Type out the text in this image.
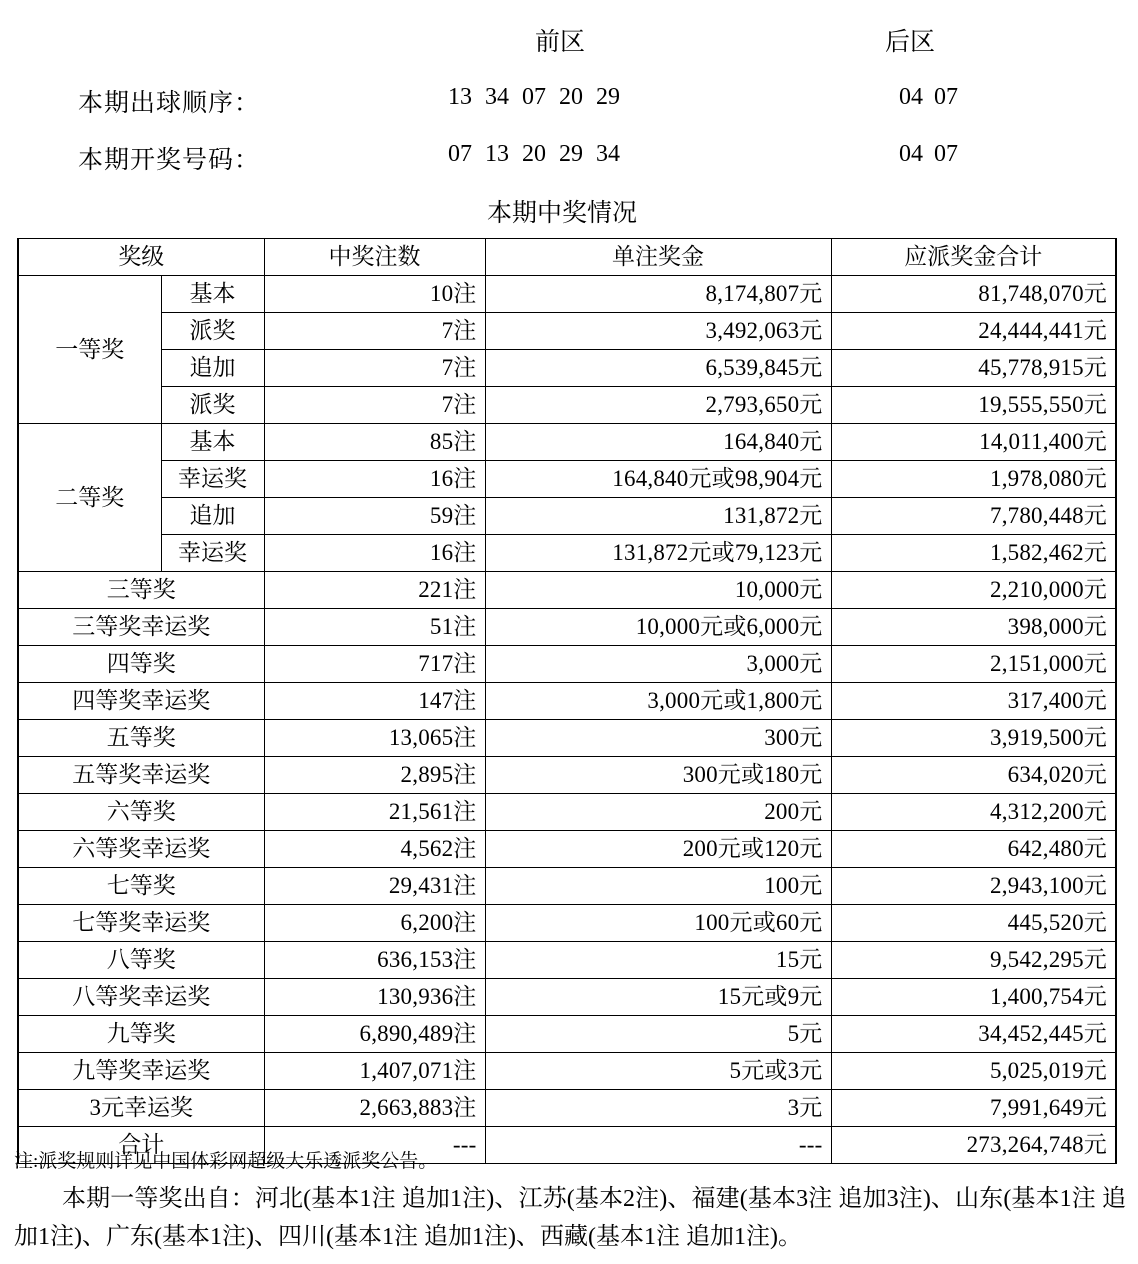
前区	后区
本期出球顺序：	13 34 07 20 29	04 07
本期开奖号码：	07 13 20 29 34	04 07
本期中奖情况
奖级		中奖注数	单注奖金	应派奖金合计
一等奖	基本	10注	8,174,807元	81,748,070元
	派奖	7注	3,492,063元	24,444,441元
	追加	7注	6,539,845元	45,778,915元
	派奖	7注	2,793,650元	19,555,550元
二等奖	基本	85注	164,840元	14,011,400元
	幸运奖	16注	164,840元或98,904元	1,978,080元
	追加	59注	131,872元	7,780,448元
	幸运奖	16注	131,872元或79,123元	1,582,462元
三等奖		221注	10,000元	2,210,000元
三等奖幸运奖		51注	10,000元或6,000元	398,000元
四等奖		717注	3,000元	2,151,000元
四等奖幸运奖		147注	3,000元或1,800元	317,400元
五等奖		13,065注	300元	3,919,500元
五等奖幸运奖		2,895注	300元或180元	634,020元
六等奖		21,561注	200元	4,312,200元
六等奖幸运奖		4,562注	200元或120元	642,480元
七等奖		29,431注	100元	2,943,100元
七等奖幸运奖		6,200注	100元或60元	445,520元
八等奖		636,153注	15元	9,542,295元
八等奖幸运奖		130,936注	15元或9元	1,400,754元
九等奖		6,890,489注	5元	34,452,445元
九等奖幸运奖		1,407,071注	5元或3元	5,025,019元
3元幸运奖		2,663,883注	3元	7,991,649元
合计		---	---	273,264,748元
注:派奖规则详见中国体彩网超级大乐透派奖公告。
本期一等奖出自：河北(基本1注 追加1注)、江苏(基本2注)、福建(基本3注 追加3注)、山东(基本1注 追加1注)、广东(基本1注)、四川(基本1注 追加1注)、西藏(基本1注 追加1注)。
